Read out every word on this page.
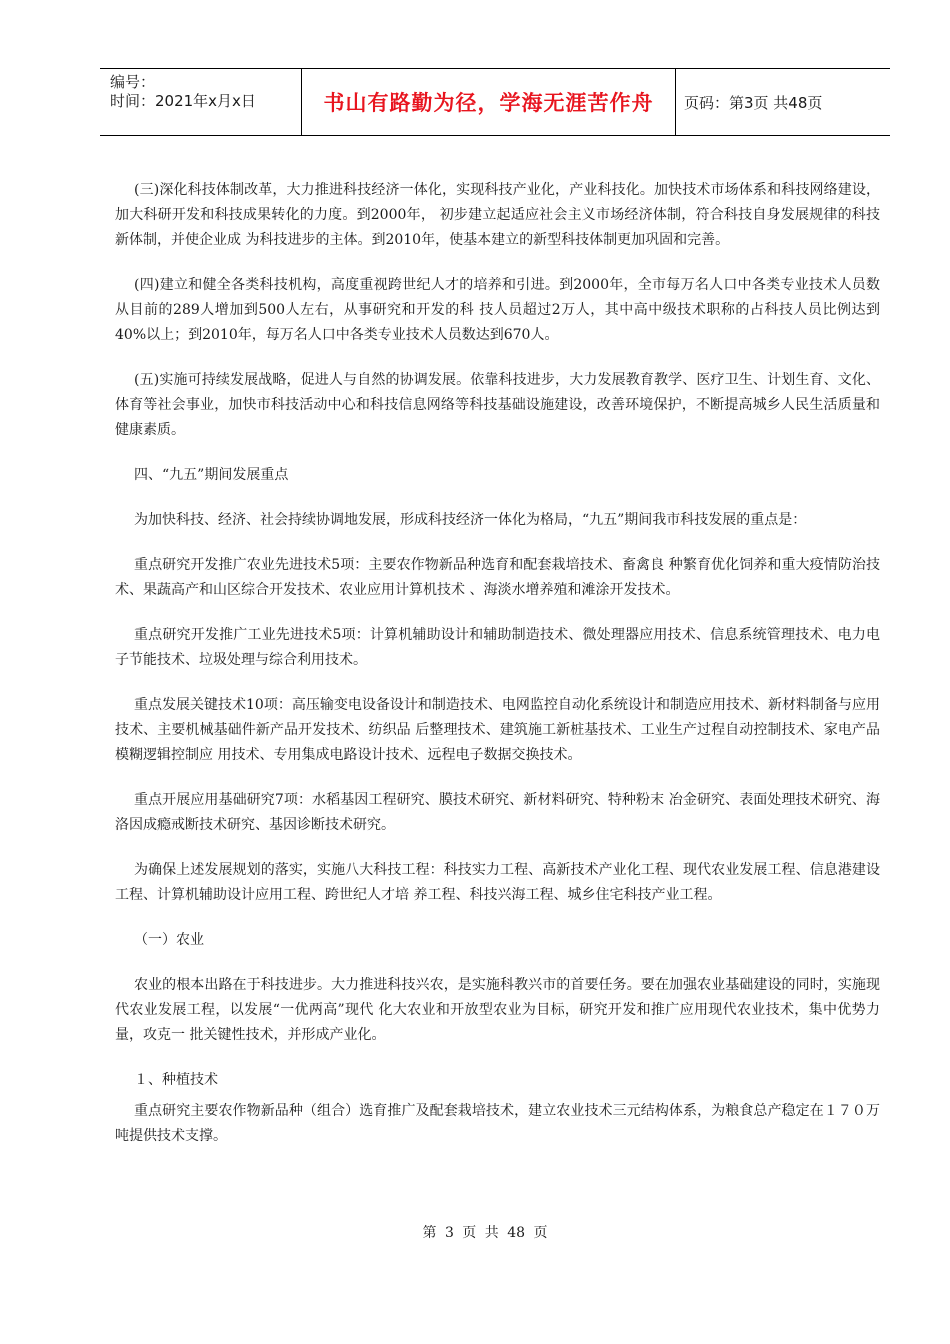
编号：
时间：2021年x月x日	书山有路勤为径，学海无涯苦作舟	页码：第3页 共48页

(三)深化科技体制改革，大力推进科技经济一体化，实现科技产业化，产业科技化。加快技术市场体系和科技网络建设，加大科研开发和科技成果转化的力度。到2000年， 初步建立起适应社会主义市场经济体制，符合科技自身发展规律的科技新体制，并使企业成 为科技进步的主体。到2010年，使基本建立的新型科技体制更加巩固和完善。

(四)建立和健全各类科技机构，高度重视跨世纪人才的培养和引进。到2000年，全市每万名人口中各类专业技术人员数从目前的289人增加到500人左右，从事研究和开发的科 技人员超过2万人，其中高中级技术职称的占科技人员比例达到40%以上；到2010年，每万名人口中各类专业技术人员数达到670人。

(五)实施可持续发展战略，促进人与自然的协调发展。依靠科技进步，大力发展教育教学、医疗卫生、计划生育、文化、体育等社会事业，加快市科技活动中心和科技信息网络等科技基础设施建设，改善环境保护，不断提高城乡人民生活质量和健康素质。

四、“九五”期间发展重点

为加快科技、经济、社会持续协调地发展，形成科技经济一体化为格局，“九五”期间我市科技发展的重点是：

重点研究开发推广农业先进技术5项：主要农作物新品种选育和配套栽培技术、畜禽良 种繁育优化饲养和重大疫情防治技术、果蔬高产和山区综合开发技术、农业应用计算机技术 、海淡水增养殖和滩涂开发技术。

重点研究开发推广工业先进技术5项：计算机辅助设计和辅助制造技术、微处理器应用技术、信息系统管理技术、电力电子节能技术、垃圾处理与综合利用技术。

重点发展关键技术10项：高压输变电设备设计和制造技术、电网监控自动化系统设计和制造应用技术、新材料制备与应用技术、主要机械基础件新产品开发技术、纺织品 后整理技术、建筑施工新桩基技术、工业生产过程自动控制技术、家电产品模糊逻辑控制应 用技术、专用集成电路设计技术、远程电子数据交换技术。

重点开展应用基础研究7项：水稻基因工程研究、膜技术研究、新材料研究、特种粉末 冶金研究、表面处理技术研究、海洛因成瘾戒断技术研究、基因诊断技术研究。

为确保上述发展规划的落实，实施八大科技工程：科技实力工程、高新技术产业化工程、现代农业发展工程、信息港建设工程、计算机辅助设计应用工程、跨世纪人才培 养工程、科技兴海工程、城乡住宅科技产业工程。

（一）农业

农业的根本出路在于科技进步。大力推进科技兴农，是实施科教兴市的首要任务。要在加强农业基础建设的同时，实施现代农业发展工程，以发展“一优两高”现代 化大农业和开放型农业为目标，研究开发和推广应用现代农业技术，集中优势力量，攻克一 批关键性技术，并形成产业化。

１、种植技术

重点研究主要农作物新品种（组合）选育推广及配套栽培技术，建立农业技术三元结构体系，为粮食总产稳定在１７０万吨提供技术支撑。

第 3 页 共 48 页
